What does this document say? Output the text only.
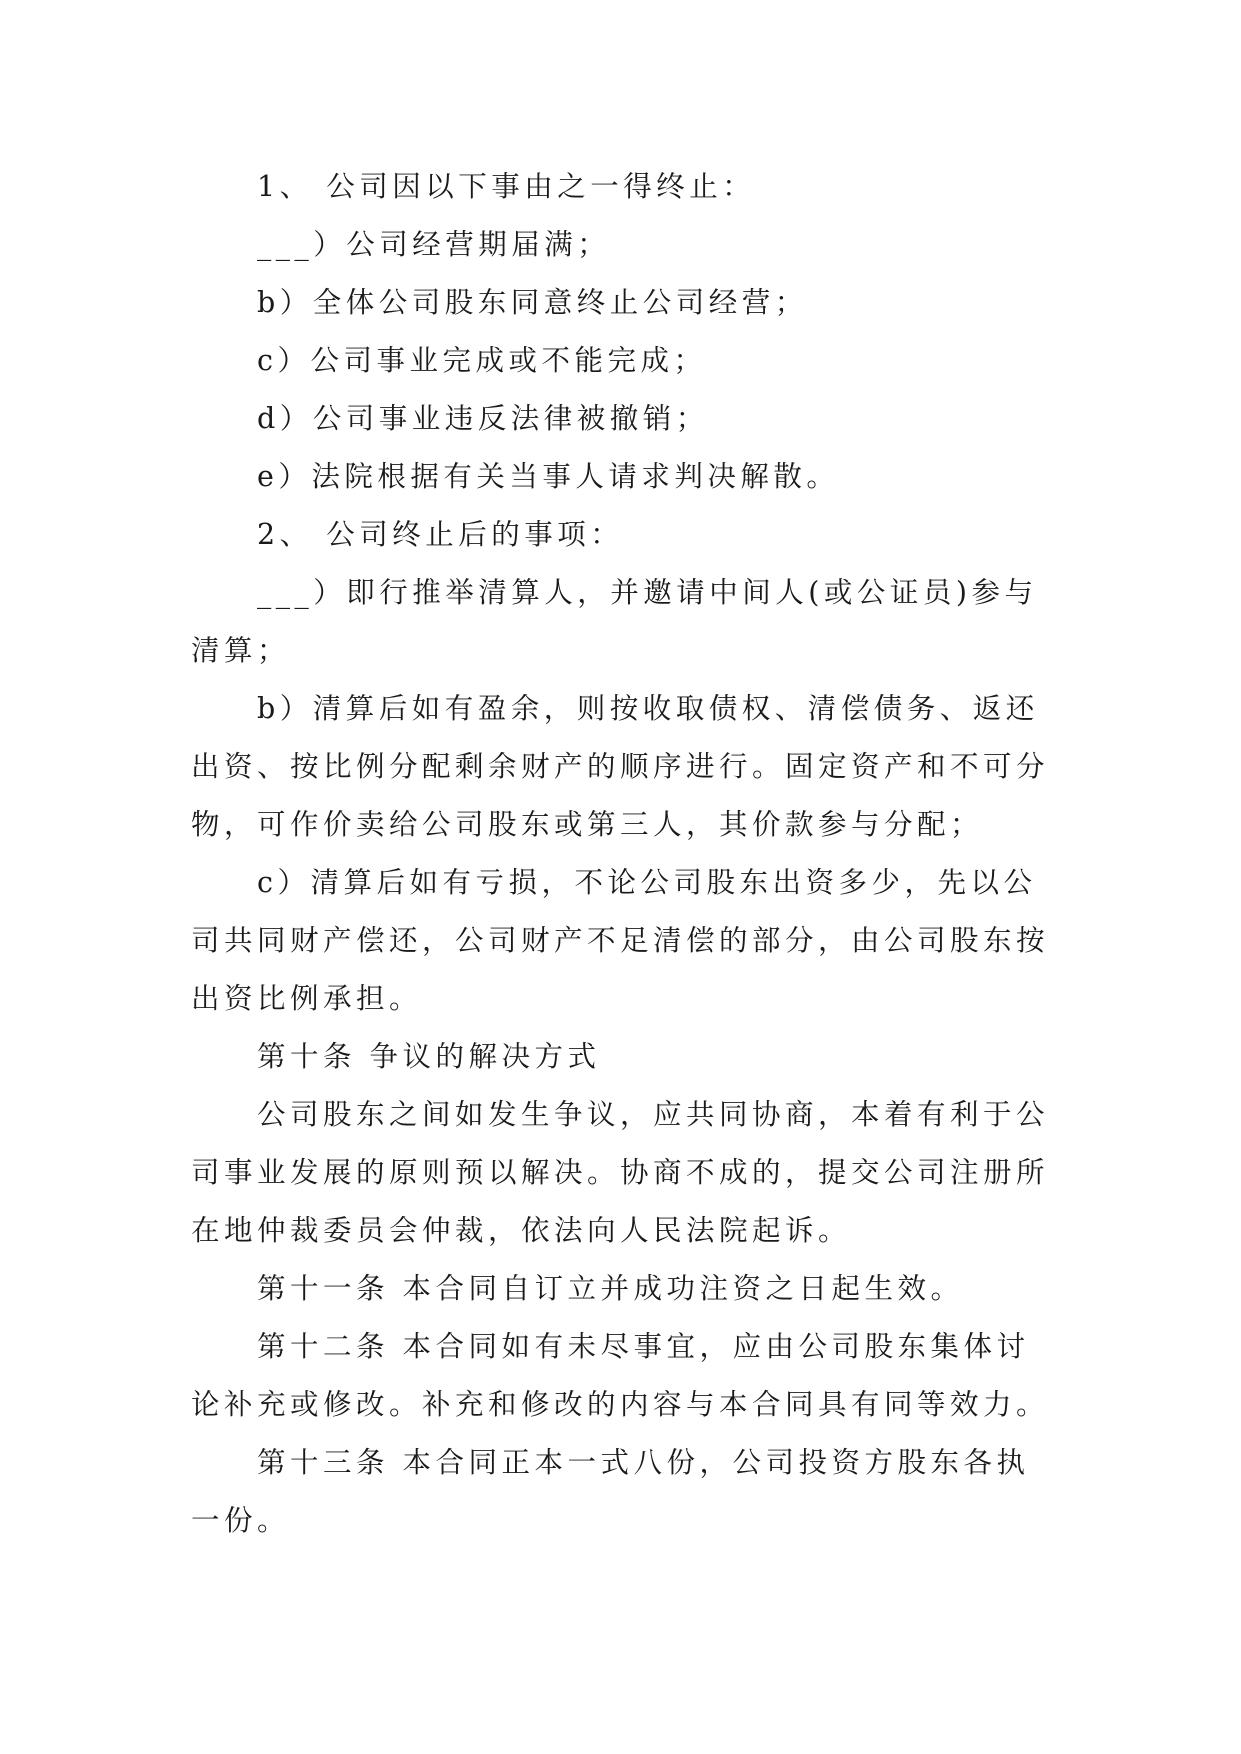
1、 公司因以下事由之一得终止：

___）公司经营期届满；

b）全体公司股东同意终止公司经营；

c）公司事业完成或不能完成；

d）公司事业违反法律被撤销；

e）法院根据有关当事人请求判决解散。

2、 公司终止后的事项：

___）即行推举清算人，并邀请中间人(或公证员)参与清算；

b）清算后如有盈余，则按收取债权、清偿债务、返还出资、按比例分配剩余财产的顺序进行。固定资产和不可分物，可作价卖给公司股东或第三人，其价款参与分配；

c）清算后如有亏损，不论公司股东出资多少，先以公司共同财产偿还，公司财产不足清偿的部分，由公司股东按出资比例承担。

第十条 争议的解决方式

公司股东之间如发生争议，应共同协商，本着有利于公司事业发展的原则预以解决。协商不成的，提交公司注册所在地仲裁委员会仲裁，依法向人民法院起诉。

第十一条 本合同自订立并成功注资之日起生效。

第十二条 本合同如有未尽事宜，应由公司股东集体讨论补充或修改。补充和修改的内容与本合同具有同等效力。

第十三条 本合同正本一式八份，公司投资方股东各执一份。
